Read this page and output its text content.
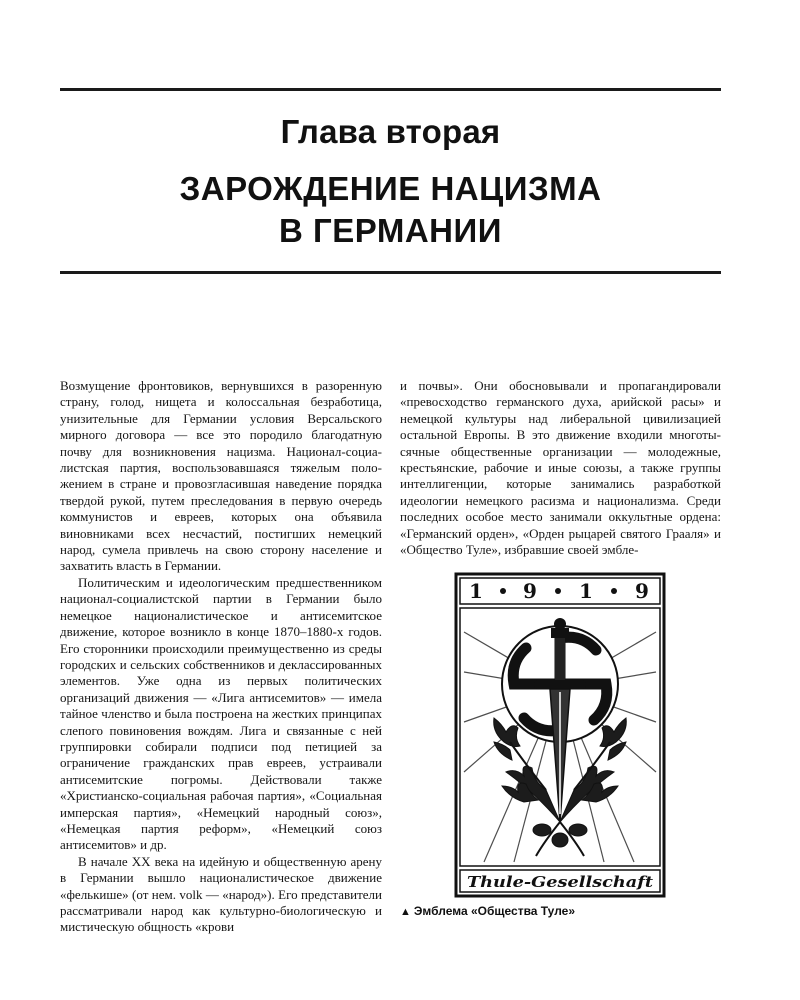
Глава вторая
ЗАРОЖДЕНИЕ НАЦИЗМА
В ГЕРМАНИИ

Возмущение фронтовиков, вернувшихся в разоренную страну, голод, нищета и колоссальная безработица, унизительные для Германии условия Версальского мирного договора — все это породило благодатную почву для возникновения нацизма. Национал-социалистская партия, воспользовавшаяся тяжелым положением в стране и провозгласившая наведение порядка твердой рукой, путем преследования в первую очередь коммунистов и евреев, которых она объявила виновниками всех несчастий, постигших немецкий народ, сумела привлечь на свою сторону население и захватить власть в Германии.

Политическим и идеологическим предшественником национал-социалистской партии в Германии было немецкое националистическое и антисемитское движение, которое возникло в конце 1870–1880-х годов. Его сторонники происходили преимущественно из среды городских и сельских собственников и деклассированных элементов. Уже одна из первых политических организаций движения — «Лига антисемитов» — имела тайное членство и была построена на жестких принципах слепого повиновения вождям. Лига и связанные с ней группировки собирали подписи под петицией за ограничение гражданских прав евреев, устраивали антисемитские погромы. Действовали также «Христианско-социальная рабочая партия», «Социальная имперская партия», «Немецкий народный союз», «Немецкая партия реформ», «Немецкий союз антисемитов» и др.

В начале XX века на идейную и общественную арену в Германии вышло националистическое движение «фелькише» (от нем. volk — «народ»). Его представители рассматривали народ как культурно-биологическую и мистическую общность «крови

и почвы». Они обосновывали и пропагандировали «превосходство германского духа, арийской расы» и немецкой культуры над либеральной цивилизацией остальной Европы. В это движение входили многотысячные общественные организации — молодежные, крестьянские, рабочие и иные союзы, а также группы интеллигенции, которые занимались разработкой идеологии немецкого расизма и национализма. Среди последних особое место занимали оккультные ордена: «Германский орден», «Орден рыцарей святого Грааля» и «Общество Туле», избравшие своей эмбле-

1 9 1 9
Thule-Gesellschaft
▲ Эмблема «Общества Туле»
